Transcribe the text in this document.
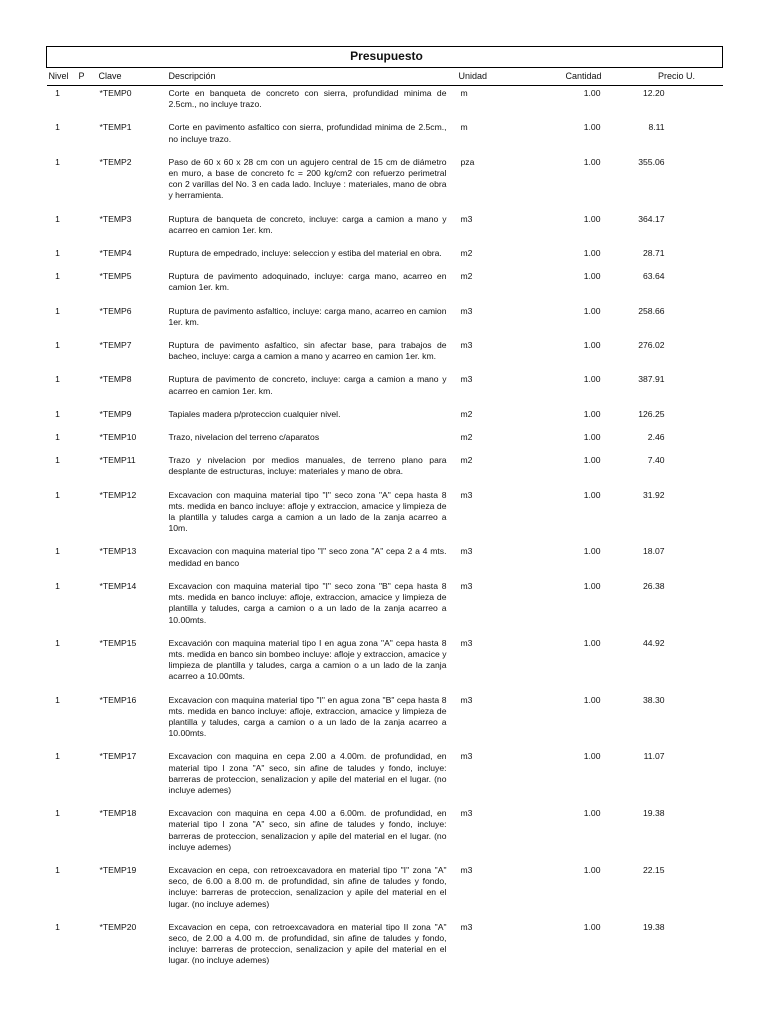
Presupuesto						
Nivel	P	Clave	Descripción	Unidad	Cantidad	Precio U.
1		*TEMP0	Corte en banqueta de concreto con sierra, profundidad minima de 2.5cm., no incluye trazo.	m	1.00	12.20
1		*TEMP1	Corte en pavimento asfaltico con sierra, profundidad minima de 2.5cm., no incluye trazo.	m	1.00	8.11
1		*TEMP2	Paso de 60 x 60 x 28 cm con un agujero central de 15 cm de diámetro en muro, a base de concreto fc = 200 kg/cm2 con refuerzo perimetral con 2 varillas del No. 3 en cada lado. Incluye : materiales, mano de obra y herramienta.	pza	1.00	355.06
1		*TEMP3	Ruptura de banqueta de concreto, incluye: carga a camion a mano y acarreo en camion 1er. km.	m3	1.00	364.17
1		*TEMP4	Ruptura de empedrado, incluye: seleccion y estiba del material en obra.	m2	1.00	28.71
1		*TEMP5	Ruptura de pavimento adoquinado, incluye: carga mano, acarreo en camion 1er. km.	m2	1.00	63.64
1		*TEMP6	Ruptura de pavimento asfaltico, incluye: carga mano, acarreo en camion 1er. km.	m3	1.00	258.66
1		*TEMP7	Ruptura de pavimento asfaltico, sin afectar base, para trabajos de bacheo, incluye: carga a camion a mano y acarreo en camion 1er. km.	m3	1.00	276.02
1		*TEMP8	Ruptura de pavimento de concreto, incluye: carga a camion a mano y acarreo en camion 1er. km.	m3	1.00	387.91
1		*TEMP9	Tapiales madera p/proteccion cualquier nivel.	m2	1.00	126.25
1		*TEMP10	Trazo, nivelacion del terreno c/aparatos	m2	1.00	2.46
1		*TEMP11	Trazo y nivelacion por medios manuales, de terreno plano para desplante de estructuras, incluye: materiales y mano de obra.	m2	1.00	7.40
1		*TEMP12	Excavacion con maquina material tipo "I" seco zona "A" cepa hasta 8 mts. medida en banco incluye: afloje y extraccion, amacice y limpieza de la plantilla y taludes carga a camion a un lado de la zanja acarreo a 10m.	m3	1.00	31.92
1		*TEMP13	Excavacion con maquina material tipo "I" seco zona "A" cepa 2 a 4 mts. medidad en banco	m3	1.00	18.07
1		*TEMP14	Excavacion con maquina material tipo "I" seco zona "B" cepa hasta 8 mts. medida en banco incluye: afloje, extraccion, amacice y limpieza de plantilla y taludes, carga a camion o a un lado de la zanja acarreo a 10.00mts.	m3	1.00	26.38
1		*TEMP15	Excavación con maquina material tipo I en agua zona "A" cepa hasta 8 mts. medida en banco sin bombeo incluye: afloje y extraccion, amacice y limpieza de plantilla y taludes, carga a camion o a un lado de la zanja acarreo a 10.00mts.	m3	1.00	44.92
1		*TEMP16	Excavacion con maquina material tipo "I" en agua zona "B" cepa hasta 8 mts. medida en banco incluye: afloje, extraccion, amacice y limpieza de plantilla y taludes, carga a camion o a un lado de la zanja acarreo a 10.00mts.	m3	1.00	38.30
1		*TEMP17	Excavacion con maquina en cepa 2.00 a 4.00m. de profundidad, en material tipo I zona "A" seco, sin afine de taludes y fondo, incluye: barreras de proteccion, senalizacion y apile del material en el lugar. (no incluye ademes)	m3	1.00	11.07
1		*TEMP18	Excavacion con maquina en cepa 4.00 a 6.00m. de profundidad, en material tipo I zona "A" seco, sin afine de taludes y fondo, incluye: barreras de proteccion, senalizacion y apile del material en el lugar. (no incluye ademes)	m3	1.00	19.38
1		*TEMP19	Excavacion en cepa, con retroexcavadora en material tipo "I" zona "A" seco, de 6.00 a 8.00 m. de profundidad, sin afine de taludes y fondo, incluye: barreras de proteccion, senalizacion y apile del material en el lugar. (no incluye ademes)	m3	1.00	22.15
1		*TEMP20	Excavacion en cepa, con retroexcavadora en material tipo II zona "A" seco, de 2.00 a 4.00 m. de profundidad, sin afine de taludes y fondo, incluye: barreras de proteccion, senalizacion y apile del material en el lugar. (no incluye ademes)	m3	1.00	19.38
